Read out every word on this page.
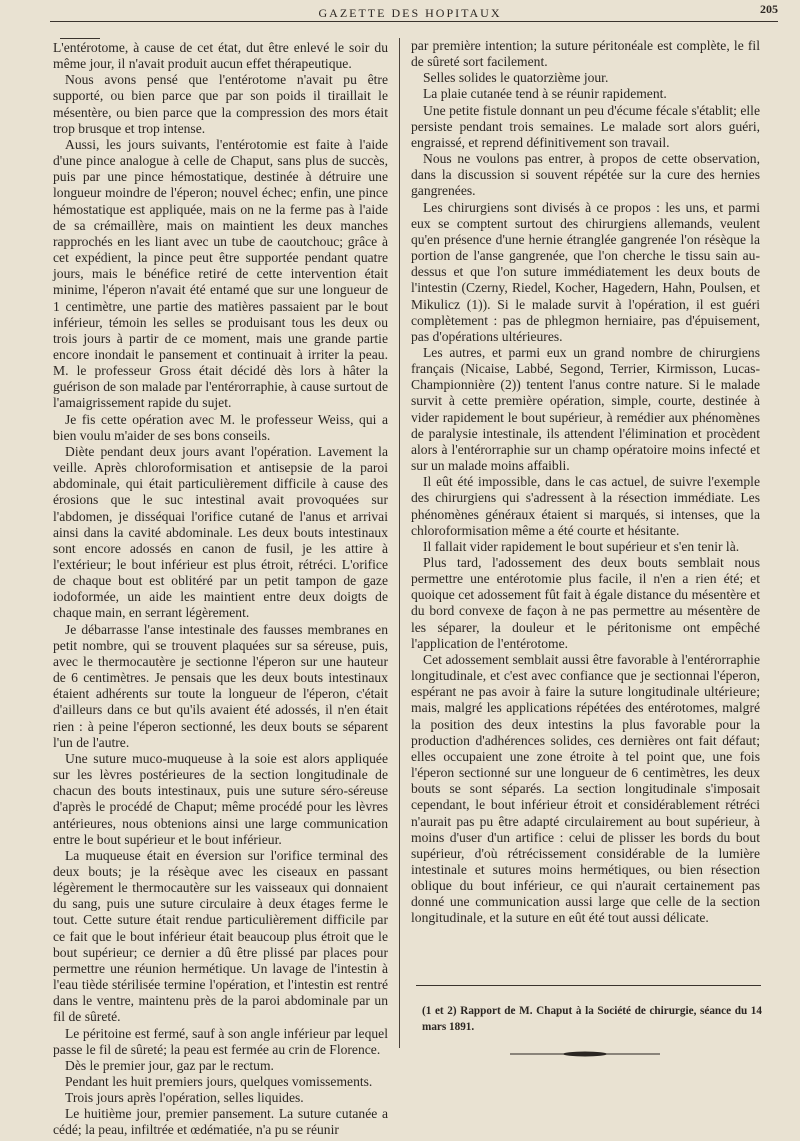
GAZETTE DES HOPITAUX	205

L'entérotome, à cause de cet état, dut être enlevé le soir du même jour, il n'avait produit aucun effet thérapeutique.

Nous avons pensé que l'entérotome n'avait pu être supporté, ou bien parce que par son poids il tiraillait le mésentère, ou bien parce que la compression des mors était trop brusque et trop intense.

Aussi, les jours suivants, l'entérotomie est faite à l'aide d'une pince analogue à celle de Chaput, sans plus de succès, puis par une pince hémostatique, destinée à détruire une longueur moindre de l'éperon; nouvel échec; enfin, une pince hémostatique est appliquée, mais on ne la ferme pas à l'aide de sa crémaillère, mais on maintient les deux manches rapprochés en les liant avec un tube de caoutchouc; grâce à cet expédient, la pince peut être supportée pendant quatre jours, mais le bénéfice retiré de cette intervention était minime, l'éperon n'avait été entamé que sur une longueur de 1 centimètre, une partie des matières passaient par le bout inférieur, témoin les selles se produisant tous les deux ou trois jours à partir de ce moment, mais une grande partie encore inondait le pansement et continuait à irriter la peau. M. le professeur Gross était décidé dès lors à hâter la guérison de son malade par l'entérorraphie, à cause surtout de l'amaigrissement rapide du sujet.

Je fis cette opération avec M. le professeur Weiss, qui a bien voulu m'aider de ses bons conseils.

Diète pendant deux jours avant l'opération. Lavement la veille. Après chloroformisation et antisepsie de la paroi abdominale, qui était particulièrement difficile à cause des érosions que le suc intestinal avait provoquées sur l'abdomen, je disséquai l'orifice cutané de l'anus et arrivai ainsi dans la cavité abdominale. Les deux bouts intestinaux sont encore adossés en canon de fusil, je les attire à l'extérieur; le bout inférieur est plus étroit, rétréci. L'orifice de chaque bout est oblitéré par un petit tampon de gaze iodoformée, un aide les maintient entre deux doigts de chaque main, en serrant légèrement.

Je débarrasse l'anse intestinale des fausses membranes en petit nombre, qui se trouvent plaquées sur sa séreuse, puis, avec le thermocautère je sectionne l'éperon sur une hauteur de 6 centimètres. Je pensais que les deux bouts intestinaux étaient adhérents sur toute la longueur de l'éperon, c'était d'ailleurs dans ce but qu'ils avaient été adossés, il n'en était rien : à peine l'éperon sectionné, les deux bouts se séparent l'un de l'autre.

Une suture muco-muqueuse à la soie est alors appliquée sur les lèvres postérieures de la section longitudinale de chacun des bouts intestinaux, puis une suture séro-séreuse d'après le procédé de Chaput; même procédé pour les lèvres antérieures, nous obtenions ainsi une large communication entre le bout supérieur et le bout inférieur.

La muqueuse était en éversion sur l'orifice terminal des deux bouts; je la résèque avec les ciseaux en passant légèrement le thermocautère sur les vaisseaux qui donnaient du sang, puis une suture circulaire à deux étages ferme le tout. Cette suture était rendue particulièrement difficile par ce fait que le bout inférieur était beaucoup plus étroit que le bout supérieur; ce dernier a dû être plissé par places pour permettre une réunion hermétique. Un lavage de l'intestin à l'eau tiède stérilisée termine l'opération, et l'intestin est rentré dans le ventre, maintenu près de la paroi abdominale par un fil de sûreté.

Le péritoine est fermé, sauf à son angle inférieur par lequel passe le fil de sûreté; la peau est fermée au crin de Florence.

Dès le premier jour, gaz par le rectum.

Pendant les huit premiers jours, quelques vomissements.

Trois jours après l'opération, selles liquides.

Le huitième jour, premier pansement. La suture cutanée a cédé; la peau, infiltrée et œdématiée, n'a pu se réunir

par première intention; la suture péritonéale est complète, le fil de sûreté sort facilement.

Selles solides le quatorzième jour.

La plaie cutanée tend à se réunir rapidement.

Une petite fistule donnant un peu d'écume fécale s'établit; elle persiste pendant trois semaines. Le malade sort alors guéri, engraissé, et reprend définitivement son travail.

Nous ne voulons pas entrer, à propos de cette observation, dans la discussion si souvent répétée sur la cure des hernies gangrenées.

Les chirurgiens sont divisés à ce propos : les uns, et parmi eux se comptent surtout des chirurgiens allemands, veulent qu'en présence d'une hernie étranglée gangrenée l'on résèque la portion de l'anse gangrenée, que l'on cherche le tissu sain au-dessus et que l'on suture immédiatement les deux bouts de l'intestin (Czerny, Riedel, Kocher, Hagedern, Hahn, Poulsen, et Mikulicz (1)). Si le malade survit à l'opération, il est guéri complètement : pas de phlegmon herniaire, pas d'épuisement, pas d'opérations ultérieures.

Les autres, et parmi eux un grand nombre de chirurgiens français (Nicaise, Labbé, Segond, Terrier, Kirmisson, Lucas-Championnière (2)) tentent l'anus contre nature. Si le malade survit à cette première opération, simple, courte, destinée à vider rapidement le bout supérieur, à remédier aux phénomènes de paralysie intestinale, ils attendent l'élimination et procèdent alors à l'entérorraphie sur un champ opératoire moins infecté et sur un malade moins affaibli.

Il eût été impossible, dans le cas actuel, de suivre l'exemple des chirurgiens qui s'adressent à la résection immédiate. Les phénomènes généraux étaient si marqués, si intenses, que la chloroformisation même a été courte et hésitante.

Il fallait vider rapidement le bout supérieur et s'en tenir là.

Plus tard, l'adossement des deux bouts semblait nous permettre une entérotomie plus facile, il n'en a rien été; et quoique cet adossement fût fait à égale distance du mésentère et du bord convexe de façon à ne pas permettre au mésentère de les séparer, la douleur et le péritonisme ont empêché l'application de l'entérotome.

Cet adossement semblait aussi être favorable à l'entérorraphie longitudinale, et c'est avec confiance que je sectionnai l'éperon, espérant ne pas avoir à faire la suture longitudinale ultérieure; mais, malgré les applications répétées des entérotomes, malgré la position des deux intestins la plus favorable pour la production d'adhérences solides, ces dernières ont fait défaut; elles occupaient une zone étroite à tel point que, une fois l'éperon sectionné sur une longueur de 6 centimètres, les deux bouts se sont séparés. La section longitudinale s'imposait cependant, le bout inférieur étroit et considérablement rétréci n'aurait pas pu être adapté circulairement au bout supérieur, à moins d'user d'un artifice : celui de plisser les bords du bout supérieur, d'où rétrécissement considérable de la lumière intestinale et sutures moins hermétiques, ou bien résection oblique du bout inférieur, ce qui n'aurait certainement pas donné une communication aussi large que celle de la section longitudinale, et la suture en eût été tout aussi délicate.

(1 et 2) Rapport de M. Chaput à la Société de chirurgie, séance du 14 mars 1891.
